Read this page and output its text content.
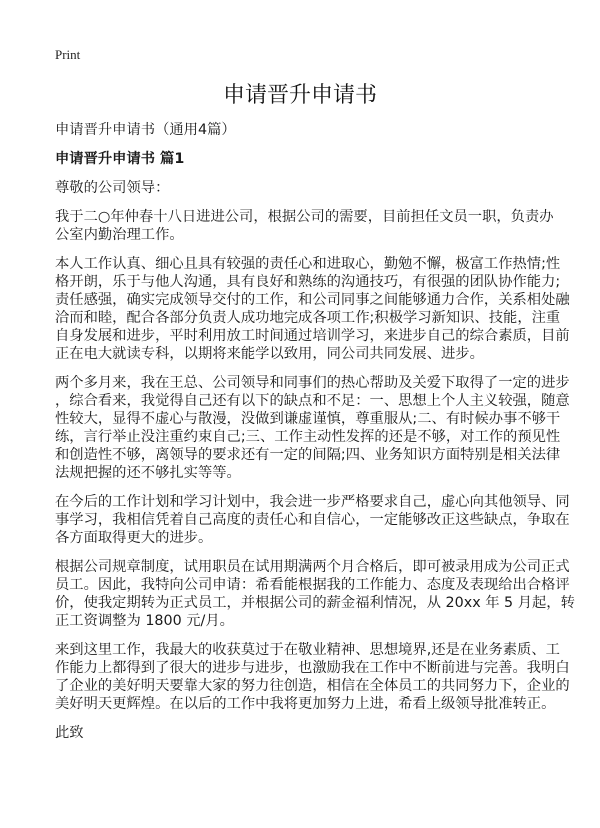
Print
申请晋升申请书
申请晋升申请书（通用4篇）
申请晋升申请书 篇1
尊敬的公司领导：
我于二○年仲春十八日进进公司，根据公司的需要，目前担任文员一职，负责办
公室内勤治理工作。
本人工作认真、细心且具有较强的责任心和进取心，勤勉不懈，极富工作热情;性
格开朗，乐于与他人沟通，具有良好和熟练的沟通技巧，有很强的团队协作能力;
责任感强，确实完成领导交付的工作，和公司同事之间能够通力合作，关系相处融
洽而和睦，配合各部分负责人成功地完成各项工作;积极学习新知识、技能，注重
自身发展和进步，平时利用放工时间通过培训学习，来进步自己的综合素质，目前
正在电大就读专科，以期将来能学以致用，同公司共同发展、进步。
两个多月来，我在王总、公司领导和同事们的热心帮助及关爱下取得了一定的进步
，综合看来，我觉得自己还有以下的缺点和不足：一、思想上个人主义较强，随意
性较大，显得不虚心与散漫，没做到谦虚谨慎，尊重服从;二、有时候办事不够干
练，言行举止没注重约束自己;三、工作主动性发挥的还是不够，对工作的预见性
和创造性不够，离领导的要求还有一定的间隔;四、业务知识方面特别是相关法律
法规把握的还不够扎实等等。
在今后的工作计划和学习计划中，我会进一步严格要求自己，虚心向其他领导、同
事学习，我相信凭着自己高度的责任心和自信心，一定能够改正这些缺点，争取在
各方面取得更大的进步。
根据公司规章制度，试用职员在试用期满两个月合格后，即可被录用成为公司正式
员工。因此，我特向公司申请：希看能根据我的工作能力、态度及表现给出合格评
价，使我定期转为正式员工，并根据公司的薪金福利情况，从 20xx 年 5 月起，转
正工资调整为 1800 元/月。
来到这里工作，我最大的收获莫过于在敬业精神、思想境界,还是在业务素质、工
作能力上都得到了很大的进步与进步，也激励我在工作中不断前进与完善。我明白
了企业的美好明天要靠大家的努力往创造，相信在全体员工的共同努力下，企业的
美好明天更辉煌。在以后的工作中我将更加努力上进，希看上级领导批准转正。
此致
